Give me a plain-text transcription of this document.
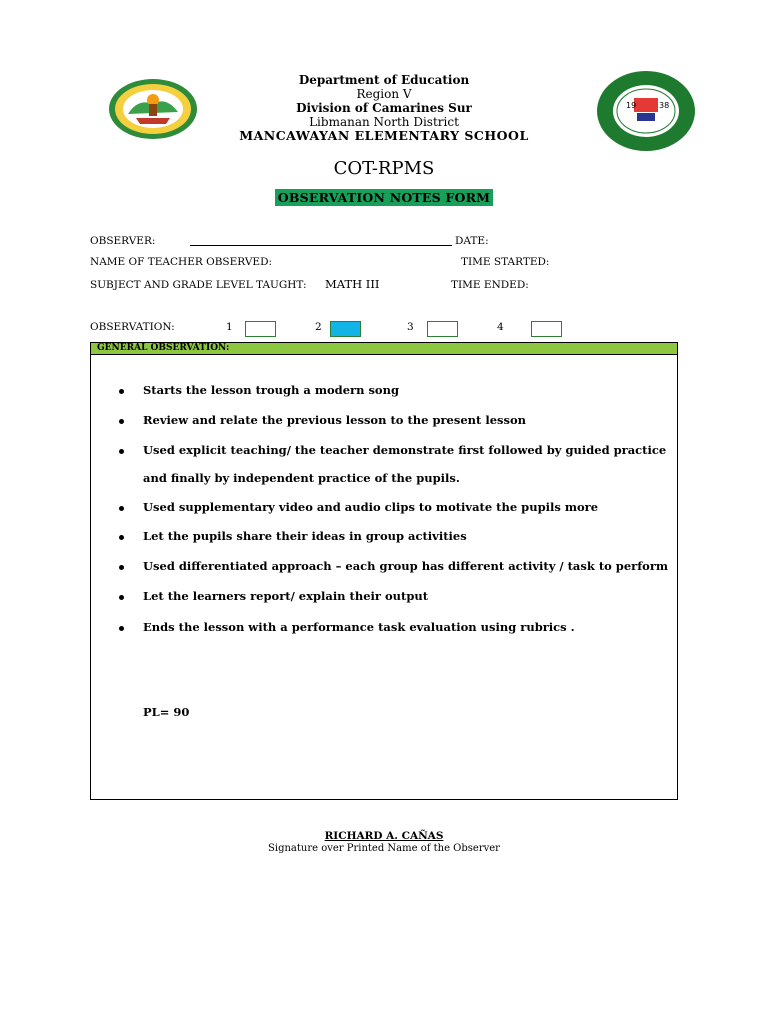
19	38
Department of Education
Region V
Division of Camarines Sur
Libmanan North District
MANCAWAYAN ELEMENTARY SCHOOL
COT-RPMS
OBSERVATION NOTES FORM
OBSERVER:	DATE:
NAME OF TEACHER OBSERVED:	TIME STARTED:
SUBJECT AND GRADE LEVEL TAUGHT: MATH III	TIME ENDED:
OBSERVATION:	1	2	3	4
GENERAL OBSERVATION:
Starts the lesson trough a modern song
Review and relate the previous lesson to the present lesson
Used explicit teaching/ the teacher demonstrate first followed by guided practice
and finally by independent practice of the pupils.
Used supplementary video and audio clips to motivate the pupils more
Let the pupils share their ideas in group activities
Used differentiated approach – each group has different activity / task to perform
Let the learners report/ explain their output
Ends the lesson with a performance task evaluation using rubrics .
PL= 90
RICHARD A. CAÑAS
Signature over Printed Name of the Observer
